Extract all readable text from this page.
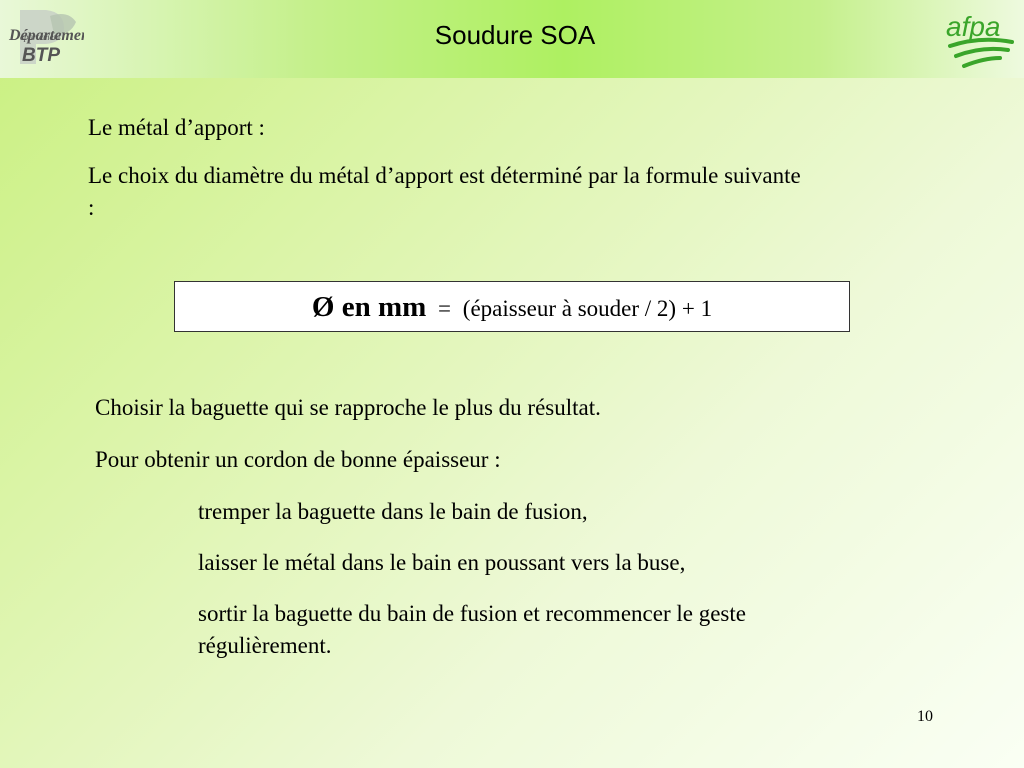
Départeme
épartement
BTP
Soudure SOA	afpa

Le métal d’apport :

Le choix du diamètre du métal d’apport est déterminé par la formule suivante :

Ø en mm = (épaisseur à souder / 2) + 1

Choisir la baguette qui se rapproche le plus du résultat.

Pour obtenir un cordon de bonne épaisseur :

tremper la baguette dans le bain de fusion,

laisser le métal dans le bain en poussant vers la buse,

sortir la baguette du bain de fusion et recommencer le geste régulièrement.

10
